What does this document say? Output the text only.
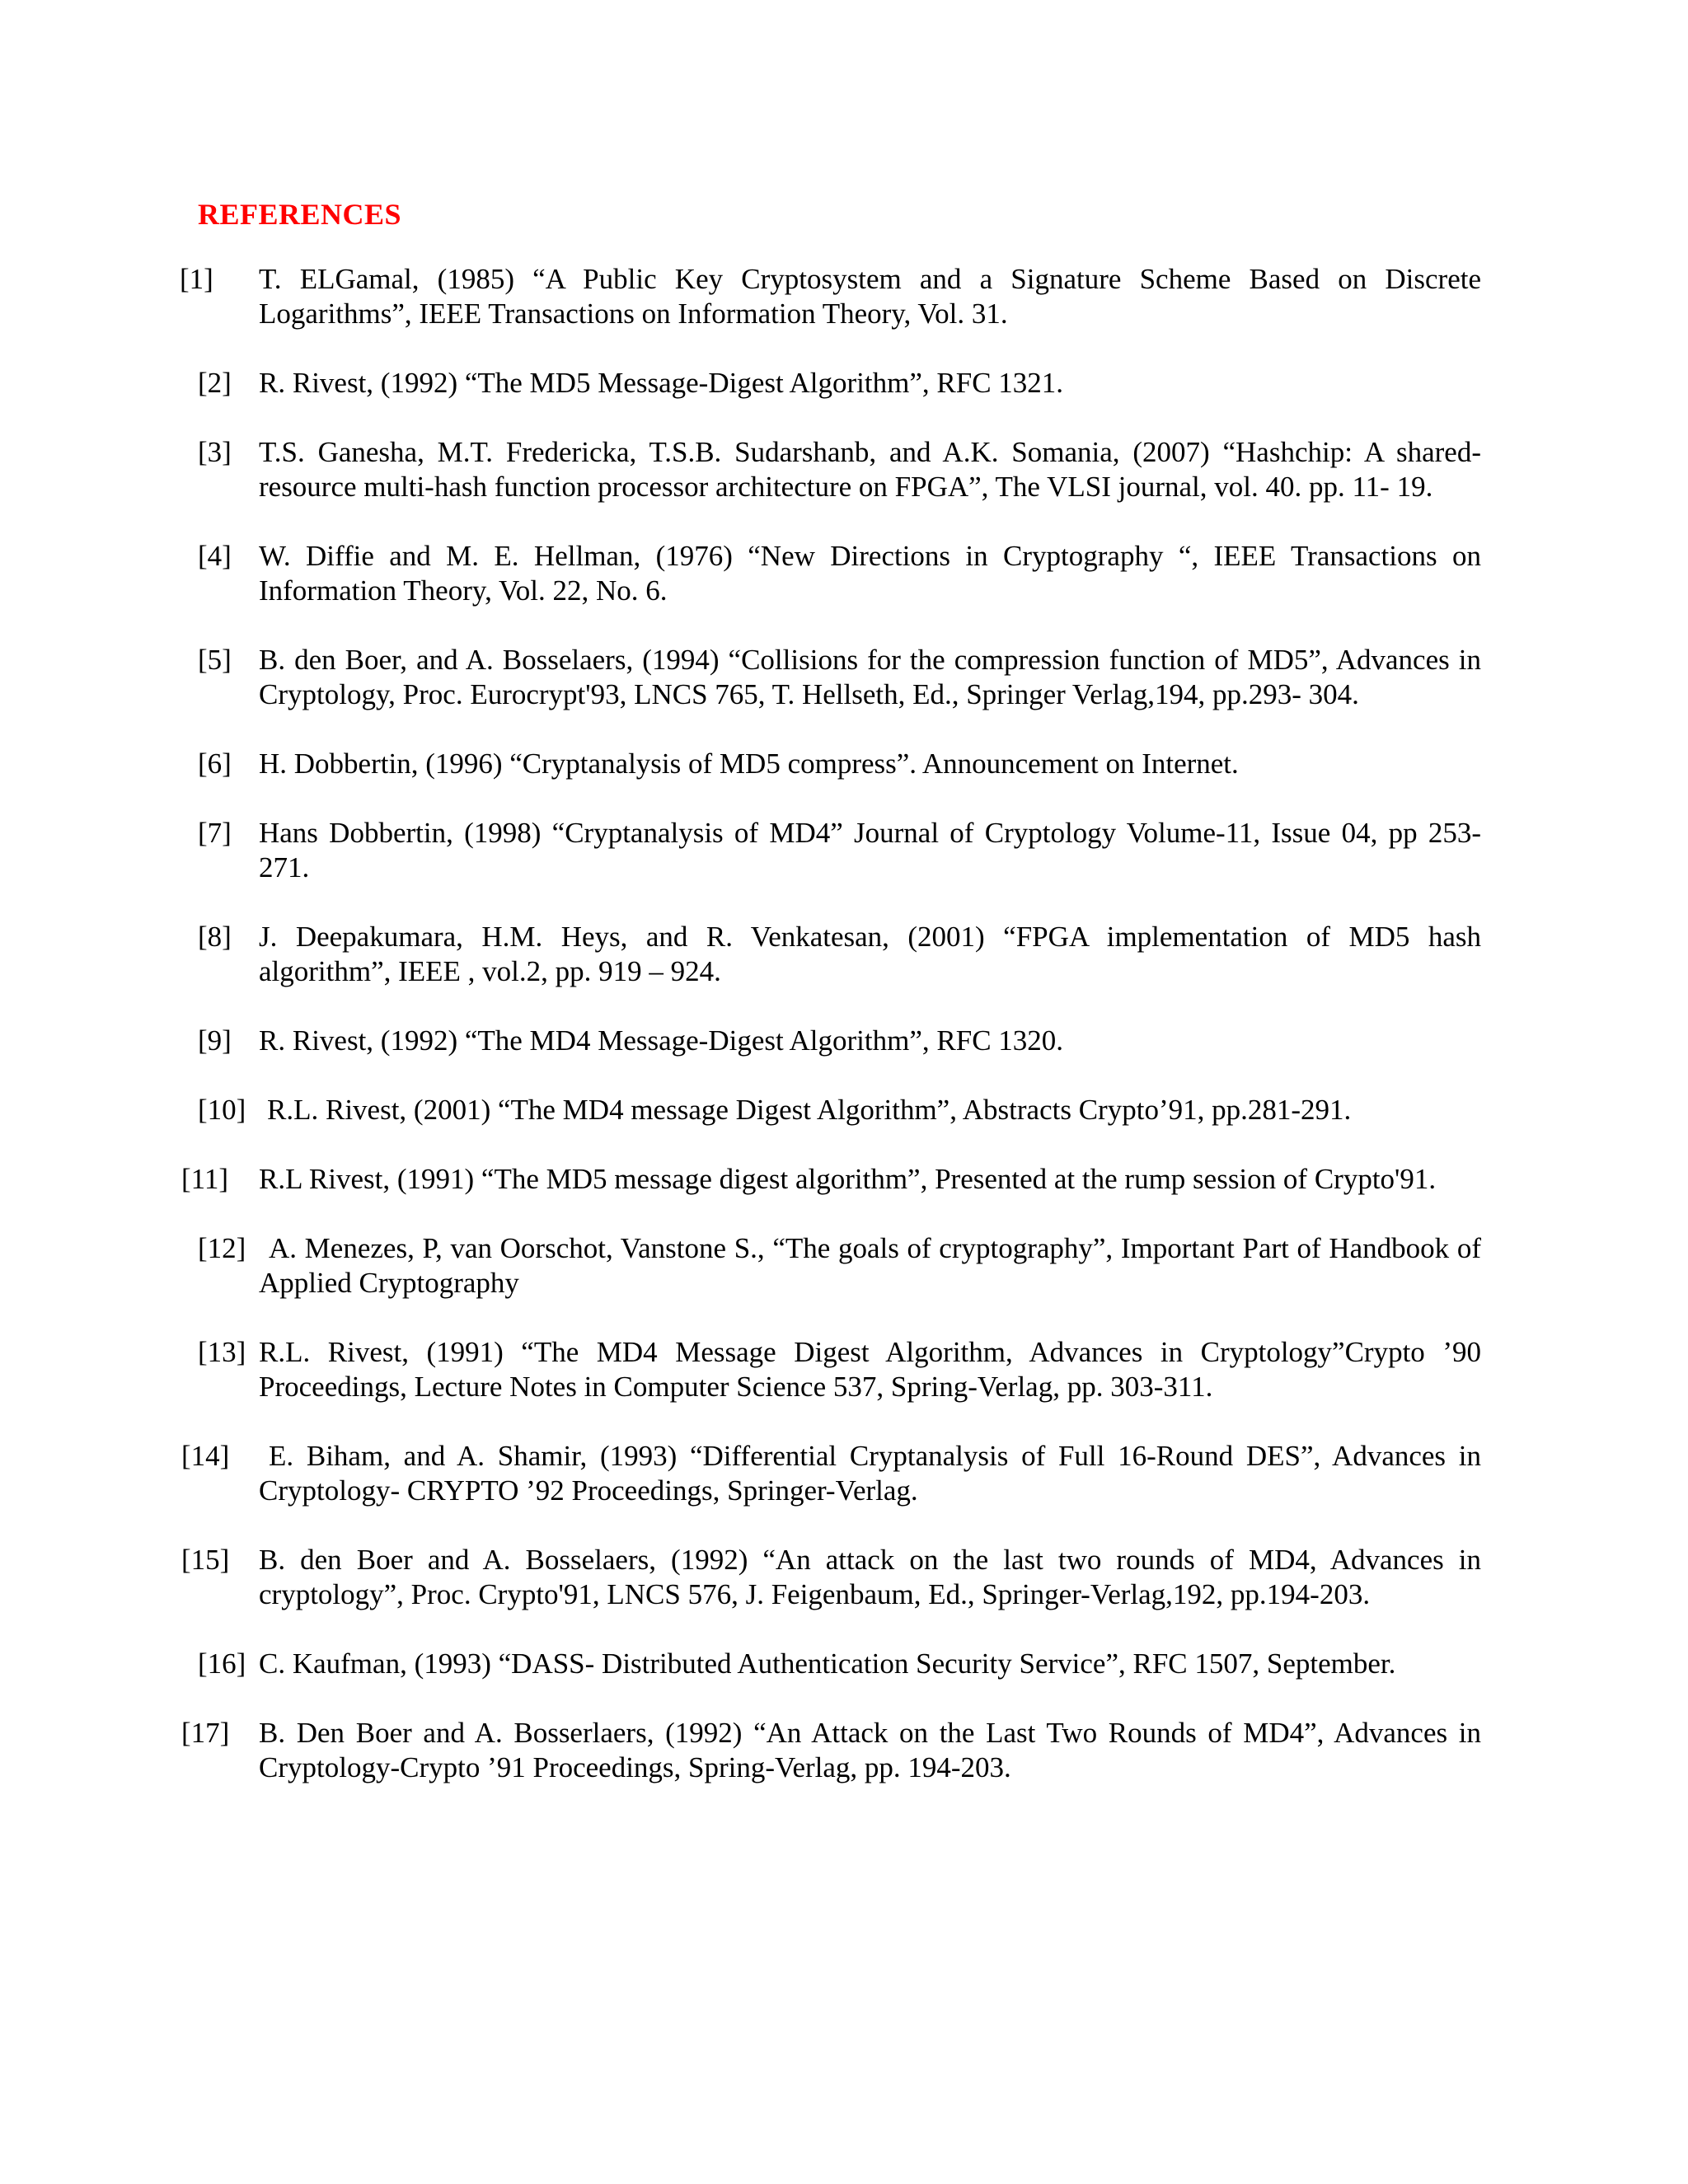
REFERENCES
[1] T. ELGamal, (1985) “A Public Key Cryptosystem and a Signature Scheme Based on Discrete Logarithms”, IEEE Transactions on Information Theory, Vol. 31.
[2] R. Rivest, (1992) “The MD5 Message-Digest Algorithm”, RFC 1321.
[3] T.S. Ganesha, M.T. Fredericka, T.S.B. Sudarshanb, and A.K. Somania, (2007) “Hashchip: A shared-resource multi-hash function processor architecture on FPGA”, The VLSI journal, vol. 40. pp. 11- 19.
[4] W. Diffie and M. E. Hellman, (1976) “New Directions in Cryptography “, IEEE Transactions on Information Theory, Vol. 22, No. 6.
[5] B. den Boer, and A. Bosselaers, (1994) “Collisions for the compression function of MD5”, Advances in Cryptology, Proc. Eurocrypt'93, LNCS 765, T. Hellseth, Ed., Springer Verlag,194, pp.293- 304.
[6] H. Dobbertin, (1996) “Cryptanalysis of MD5 compress”. Announcement on Internet.
[7] Hans Dobbertin, (1998) “Cryptanalysis of MD4” Journal of Cryptology Volume-11, Issue 04, pp 253-271.
[8] J. Deepakumara, H.M. Heys, and R. Venkatesan, (2001) “FPGA implementation of MD5 hash algorithm”, IEEE , vol.2, pp. 919 – 924.
[9] R. Rivest, (1992) “The MD4 Message-Digest Algorithm”, RFC 1320.
[10] R.L. Rivest, (2001) “The MD4 message Digest Algorithm”, Abstracts Crypto’91, pp.281-291.
[11] R.L Rivest, (1991) “The MD5 message digest algorithm”, Presented at the rump session of Crypto'91.
[12] A. Menezes, P, van Oorschot, Vanstone S., “The goals of cryptography”, Important Part of Handbook of Applied Cryptography
[13] R.L. Rivest, (1991) “The MD4 Message Digest Algorithm, Advances in Cryptology”Crypto ’90 Proceedings, Lecture Notes in Computer Science 537, Spring-Verlag, pp. 303-311.
[14]	E. Biham, and A. Shamir, (1993) “Differential Cryptanalysis of Full 16-Round DES”, Advances in Cryptology- CRYPTO ’92 Proceedings, Springer-Verlag.
[15] B. den Boer and A. Bosselaers, (1992) “An attack on the last two rounds of MD4, Advances in cryptology”, Proc. Crypto'91, LNCS 576, J. Feigenbaum, Ed., Springer-Verlag,192, pp.194-203.
[16] C. Kaufman, (1993) “DASS- Distributed Authentication Security Service”, RFC 1507, September.
[17] B. Den Boer and A. Bosserlaers, (1992) “An Attack on the Last Two Rounds of MD4”, Advances in Cryptology-Crypto ’91 Proceedings, Spring-Verlag, pp. 194-203.
